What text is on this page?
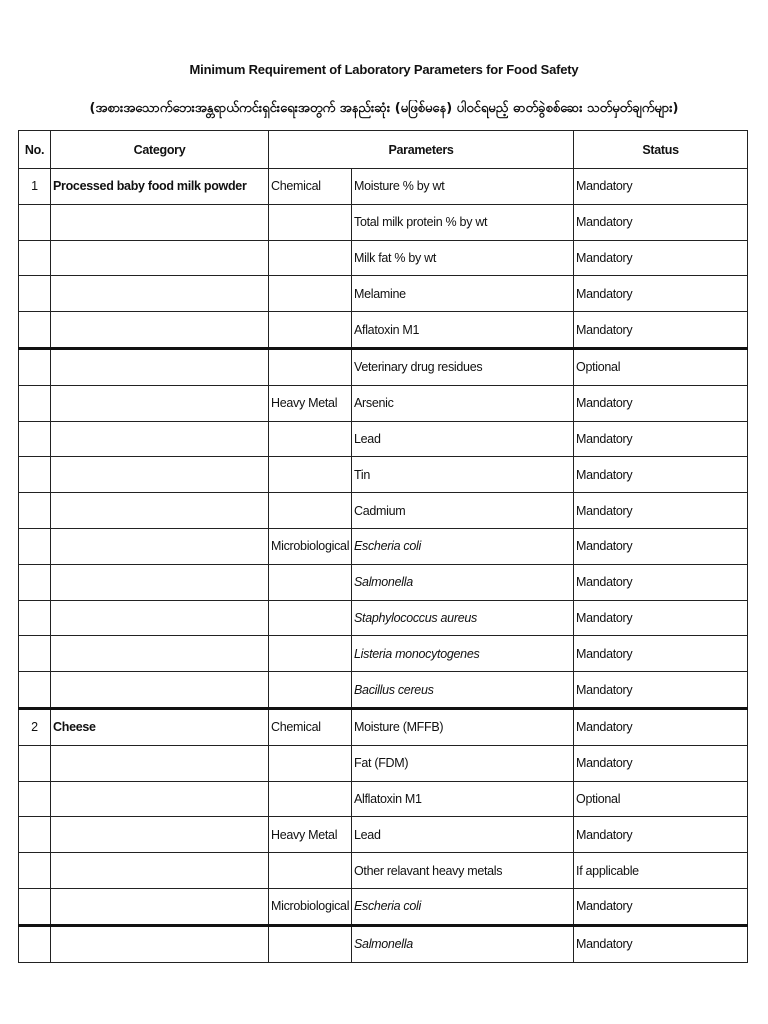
Minimum Requirement of Laboratory Parameters for Food Safety
(အစားအသောက်ဘေးအန္တရာယ်ကင်းရှင်းရေးအတွက် အနည်းဆုံး (မဖြစ်မနေ) ပါဝင်ရမည့် ဓာတ်ခွဲစစ်ဆေး သတ်မှတ်ချက်များ)
No.	Category	Parameters		Status
1	Processed baby food milk powder	Chemical	Moisture % by wt	Mandatory
			Total milk protein % by wt	Mandatory
			Milk fat % by wt	Mandatory
			Melamine	Mandatory
			Aflatoxin M1	Mandatory
			Veterinary drug residues	Optional
		Heavy Metal	Arsenic	Mandatory
			Lead	Mandatory
			Tin	Mandatory
			Cadmium	Mandatory
		Microbiological	Escheria coli	Mandatory
			Salmonella	Mandatory
			Staphylococcus aureus	Mandatory
			Listeria monocytogenes	Mandatory
			Bacillus cereus	Mandatory
2	Cheese	Chemical	Moisture (MFFB)	Mandatory
			Fat (FDM)	Mandatory
			Alflatoxin M1	Optional
		Heavy Metal	Lead	Mandatory
			Other relavant heavy metals	If applicable
		Microbiological	Escheria coli	Mandatory
			Salmonella	Mandatory
